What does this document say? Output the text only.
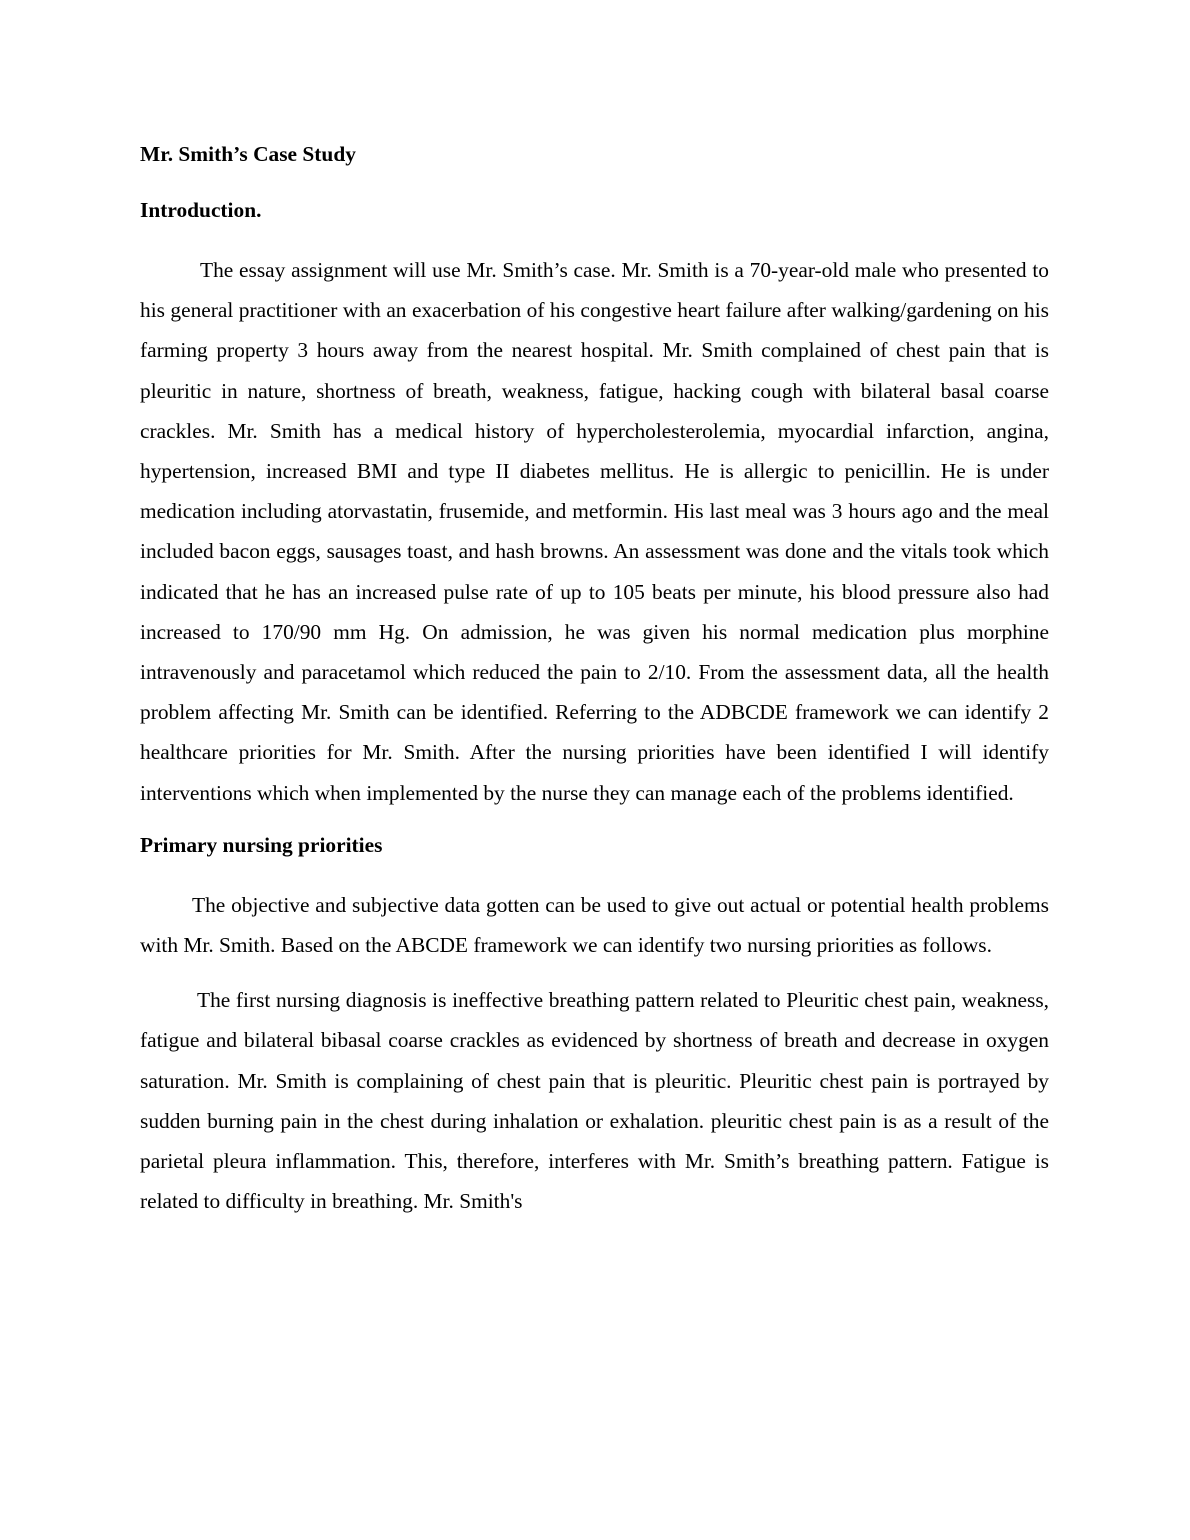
Mr. Smith’s Case Study

Introduction.

The essay assignment will use Mr. Smith’s case. Mr. Smith is a 70-year-old male who presented to his general practitioner with an exacerbation of his congestive heart failure after walking/gardening on his farming property 3 hours away from the nearest hospital. Mr. Smith complained of chest pain that is pleuritic in nature, shortness of breath, weakness, fatigue, hacking cough with bilateral basal coarse crackles. Mr. Smith has a medical history of hypercholesterolemia, myocardial infarction, angina, hypertension, increased BMI and type II diabetes mellitus. He is allergic to penicillin. He is under medication including atorvastatin, frusemide, and metformin. His last meal was 3 hours ago and the meal included bacon eggs, sausages toast, and hash browns. An assessment was done and the vitals took which indicated that he has an increased pulse rate of up to 105 beats per minute, his blood pressure also had increased to 170/90 mm Hg. On admission, he was given his normal medication plus morphine intravenously and paracetamol which reduced the pain to 2/10. From the assessment data, all the health problem affecting Mr. Smith can be identified. Referring to the ADBCDE framework we can identify 2 healthcare priorities for Mr. Smith. After the nursing priorities have been identified I will identify interventions which when implemented by the nurse they can manage each of the problems identified.

Primary nursing priorities

The objective and subjective data gotten can be used to give out actual or potential health problems with Mr. Smith. Based on the ABCDE framework we can identify two nursing priorities as follows.

The first nursing diagnosis is ineffective breathing pattern related to Pleuritic chest pain, weakness, fatigue and bilateral bibasal coarse crackles as evidenced by shortness of breath and decrease in oxygen saturation. Mr. Smith is complaining of chest pain that is pleuritic. Pleuritic chest pain is portrayed by sudden burning pain in the chest during inhalation or exhalation. pleuritic chest pain is as a result of the parietal pleura inflammation. This, therefore, interferes with Mr. Smith’s breathing pattern. Fatigue is related to difficulty in breathing. Mr. Smith's
